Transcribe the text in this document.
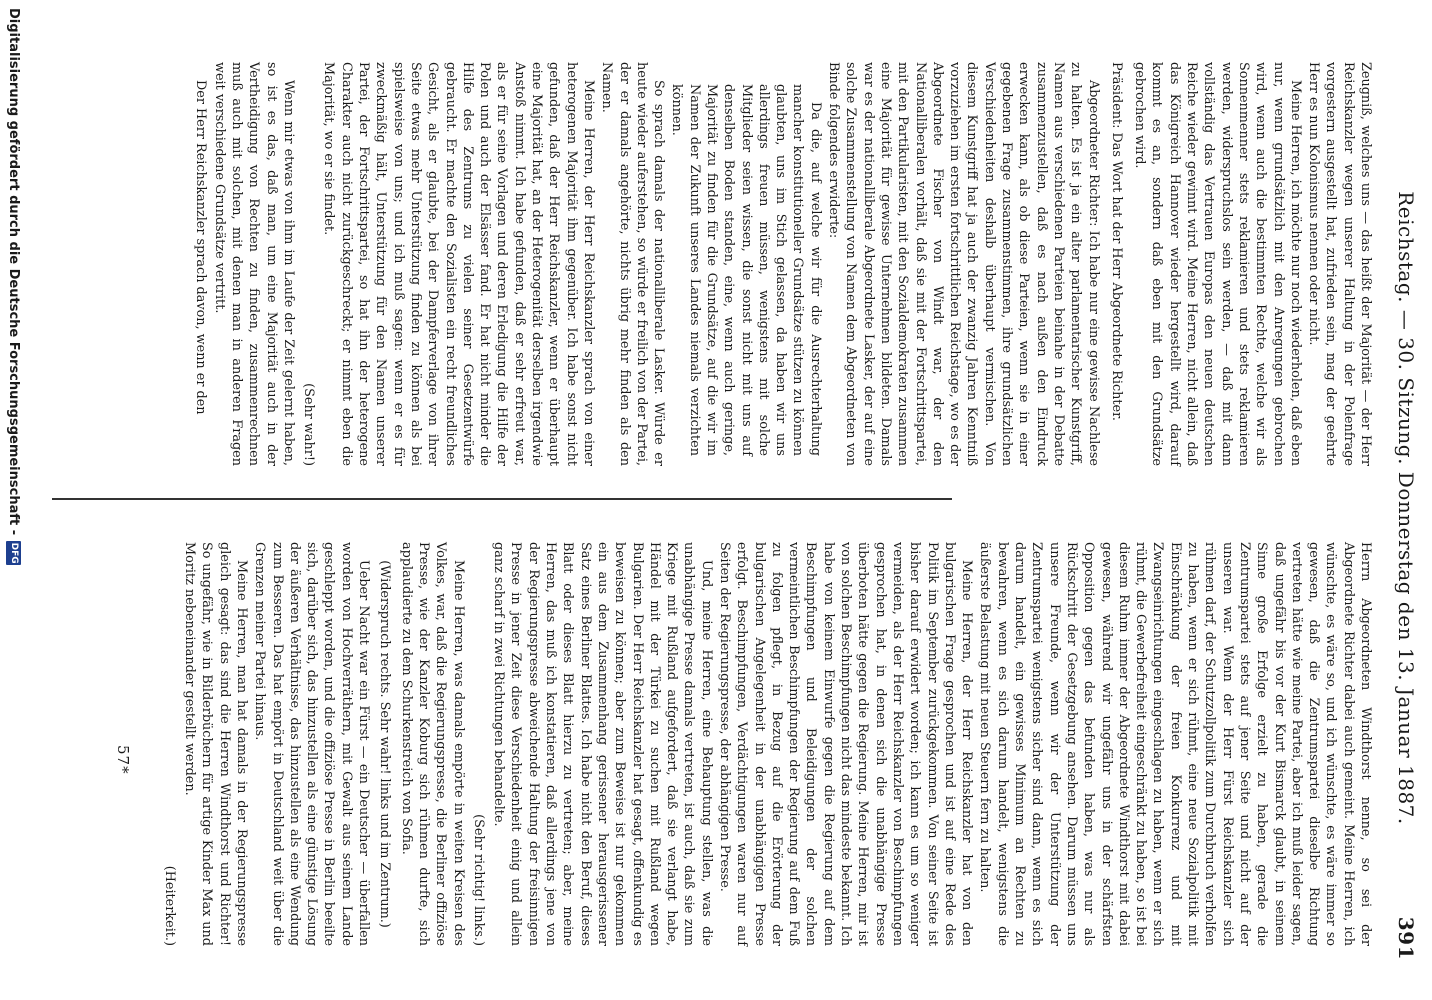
Reichstag. — 30. Sitzung. Donnerstag den 13. Januar 1887.
391

Zeugniß, welches uns — das heißt der Majorität — der Herr Reichskanzler wegen unserer Haltung in der Polenfrage vorgestern ausgestellt hat, zufrieden sein, mag der geehrte Herr es nun Kolonismus nennen oder nicht.

Meine Herren, ich möchte nur noch wiederholen, daß eben nur, wenn grundsätzlich mit den Anregungen gebrochen wird, wenn auch die bestimmten Rechte, welche wir als Sonnenmenner stets reklamieren und stets reklamieren werden, widerspruchslos sein werden, — daß mit dann vollständig das Vertrauen Europas den neuen deutschen Reiche wieder gewinnt wird. Meine Herren, nicht allein, daß das Königreich Hannover wieder hergestellt wird, darauf kommt es an, sondern daß eben mit den Grundsätze gebrochen wird.

Präsident: Das Wort hat der Herr Abgeordnete Richter.

Abgeordneter Richter: Ich habe nur eine gewisse Nachlese zu halten. Es ist ja ein alter parlamentarischer Kunstgriff, Namen aus verschiedenen Parteien beinahe in der Debatte zusammenzustellen, daß es nach außen den Eindruck erwecken kann, als ob diese Parteien, wenn sie in einer gegebenen Frage zusammenstimmen, ihre grundsätzlichen Verschiedenheiten deshalb überhaupt vermischen. Von diesem Kunstgriff hat ja auch der zwanzig Jahren Kenntniß vorzuziehen im ersten fortschrittlichen Reichstage, wo es der Abgeordnete Fischer von Windt war, der den Nationalliberalen vorhält, daß sie mit der Fortschrittspartei, mit den Partikularisten, mit den Sozialdemokraten zusammen eine Majorität für gewisse Unternehmen bildeten. Damals war es der nationalliberale Abgeordnete Lasker, der auf eine solche Zusammenstellung von Namen dem Abgeordneten von Binde folgendes erwiderte:

Da die, auf welche wir für die Ausrechterhaltung mancher konstitutioneller Grundsätze stützen zu können glaubten, uns im Stich gelassen, da haben wir uns allerdings freuen müssen, wenigstens mit solche Mitglieder seien wissen, die sonst nicht mit uns auf denselben Boden standen, eine, wenn auch geringe, Majorität zu finden für die Grundsätze, auf die wir im Namen der Zukunft unseres Landes niemals verzichten können.

So sprach damals der nationalliberale Lasker. Würde er heute wieder auferstehen, so würde er freilich von der Partei, der er damals angehörte, nichts übrig mehr finden als den Namen.

Meine Herren, der Herr Reichskanzler sprach von einer heterogenen Majorität ihm gegenüber. Ich habe sonst nicht gefunden, daß der Herr Reichskanzler, wenn er überhaupt eine Majorität hat, an der Heterogenität derselben irgendwie Anstoß nimmt. Ich habe gefunden, daß er sehr erfreut war, als er für seine Vorlagen und deren Erledigung die Hilfe der Polen und auch der Elsässer fand. Er hat nicht minder die Hilfe des Zentrums zu vielen seiner Gesetzentwürfe gebraucht. Er machte den Sozialisten ein recht freundliches Gesicht, als er glaubte, bei der Dampferverlage von ihrer Seite etwas mehr Unterstützung finden zu können als bei spielsweise von uns; und ich muß sagen: wenn er es für zweckmäßig hält, Unterstützung für den Namen unserer Partei, der Fortschrittspartei, so hat ihn der heterogene Charakter auch nicht zurückgeschreckt; er nimmt eben die Majorität, wo er sie findet.

(Sehr wahr!)

Wenn mir etwas von ihm im Laufe der Zeit gelernt haben, so ist es das, daß man, um eine Majorität auch in der Vertheidigung von Rechten zu finden, zusammenrechnen muß auch mit solchen, mit denen man in anderen Fragen weit verschiedene Grundsätze vertritt.

Der Herr Reichskanzler sprach davon, wenn er den

Herrn Abgeordneten Windthorst nenne, so sei der Abgeordnete Richter dabei auch gemeint. Meine Herren, ich wünschte, es wäre so, und ich wünschte, es wäre immer so gewesen, daß die Zentrumspartei dieselbe Richtung vertreten hätte wie meine Partei, aber ich muß leider sagen, daß ungefähr bis vor der Kurt Bismarck glaubt, in seinem Sinne große Erfolge erzielt zu haben, gerade die Zentrumspartei stets auf jener Seite und nicht auf der unseren war. Wenn der Herr Fürst Reichskanzler sich rühmen darf, der Schutzzollpolitik zum Durchbruch verholfen zu haben, wenn er sich rühmt, eine neue Sozialpolitik mit Einschränkung der freien Konkurrenz und mit Zwangseinrichtungen eingeschlagen zu haben, wenn er sich rühmt, die Gewerbefreiheit eingeschränkt zu haben, so ist bei diesem Ruhm immer der Abgeordnete Windthorst mit dabei gewesen, während wir ungefähr uns in der schärfsten Opposition gegen das befunden haben, was nur als Rückschritt der Gesetzgebung ansehen. Darum müssen uns unsere Freunde, wenn wir der Unterstützung der Zentrumspartei wenigstens sicher sind dann, wenn es sich darum handelt, ein gewisses Minimum an Rechten zu bewahren, wenn es sich darum handelt, wenigstens die äußerste Belastung mit neuen Steuern fern zu halten.

Meine Herren, der Herr Reichskanzler hat von den bulgarischen Frage gesprochen und ist auf eine Rede des Politik im September zurückgekommen. Von seiner Seite ist bisher darauf erwidert worden; ich kann es um so weniger vermeiden, als der Herr Reichskanzler von Beschimpfungen gesprochen hat, in denen sich die unabhängige Presse überboten hätte gegen die Regierung. Meine Herren, mir ist von solchen Beschimpfungen nicht das mindeste bekannt. Ich habe von keinem Einwurfe gegen die Regierung auf dem Beschimpfungen und Beleidigungen der solchen vermeintlichen Beschimpfungen der Regierung auf dem Fuß zu folgen pflegt, in Bezug auf die Erörterung der bulgarischen Angelegenheit in der unabhängigen Presse erfolgt. Beschimpfungen, Verdächtigungen waren nur auf Seiten der Regierungspresse, der abhängigen Presse.

Und, meine Herren, eine Behauptung stellen, was die unabhängige Presse damals vertreten, ist auch, daß sie zum Kriege mit Rußland aufgefordert, daß sie verlangt habe, Händel mit der Türkei zu suchen mit Rußland wegen Bulgarien. Der Herr Reichskanzler hat gesagt, offenkundig es beweisen zu können; aber zum Beweise ist nur gekommen ein aus dem Zusammenhang gerissener herausgerissener Satz eines Berliner Blattes. Ich habe nicht den Beruf, dieses Blatt oder dieses Blatt hierzu zu vertreten; aber, meine Herren, das muß ich konstatieren, daß allerdings jene von der Regierungspresse abweichende Haltung der freisinnigen Presse in jener Zeit diese Verschiedenheit einig und allein ganz scharf in zwei Richtungen behandelte.

(Sehr richtig! links.)

Meine Herren, was damals empörte in weiten Kreisen des Volkes, war, daß die Regierungspresse, die Berliner offiziöse Presse, wie der Kanzler Koburg sich rühmen durfte, sich applaudierte zu dem Schurkenstreich von Sofia.

(Widerspruch rechts. Sehr wahr! links und im Zentrum.)

Ueber Nacht war ein Fürst — ein Deutscher — überfallen worden von Hochverräthern, mit Gewalt aus seinem Lande geschleppt worden, und die offiziöse Presse in Berlin beeilte sich, darüber sich, das hinzustellen als eine günstige Lösung der äußeren Verhältnisse, das hinzustellen als eine Wendung zum Besseren. Das hat empört in Deutschland weit über die Grenzen meiner Partei hinaus.

Meine Herren, man hat damals in der Regierungspresse gleich gesagt: das sind die Herren Windthorst und Richter! So ungefähr, wie in Bilderbüchern für artige Kinder Max und Moritz nebeneinander gestellt werden.

(Heiterkeit.)

57*
Digitalisierung gefördert durch die Deutsche Forschungsgemeinschaft -
DFG
